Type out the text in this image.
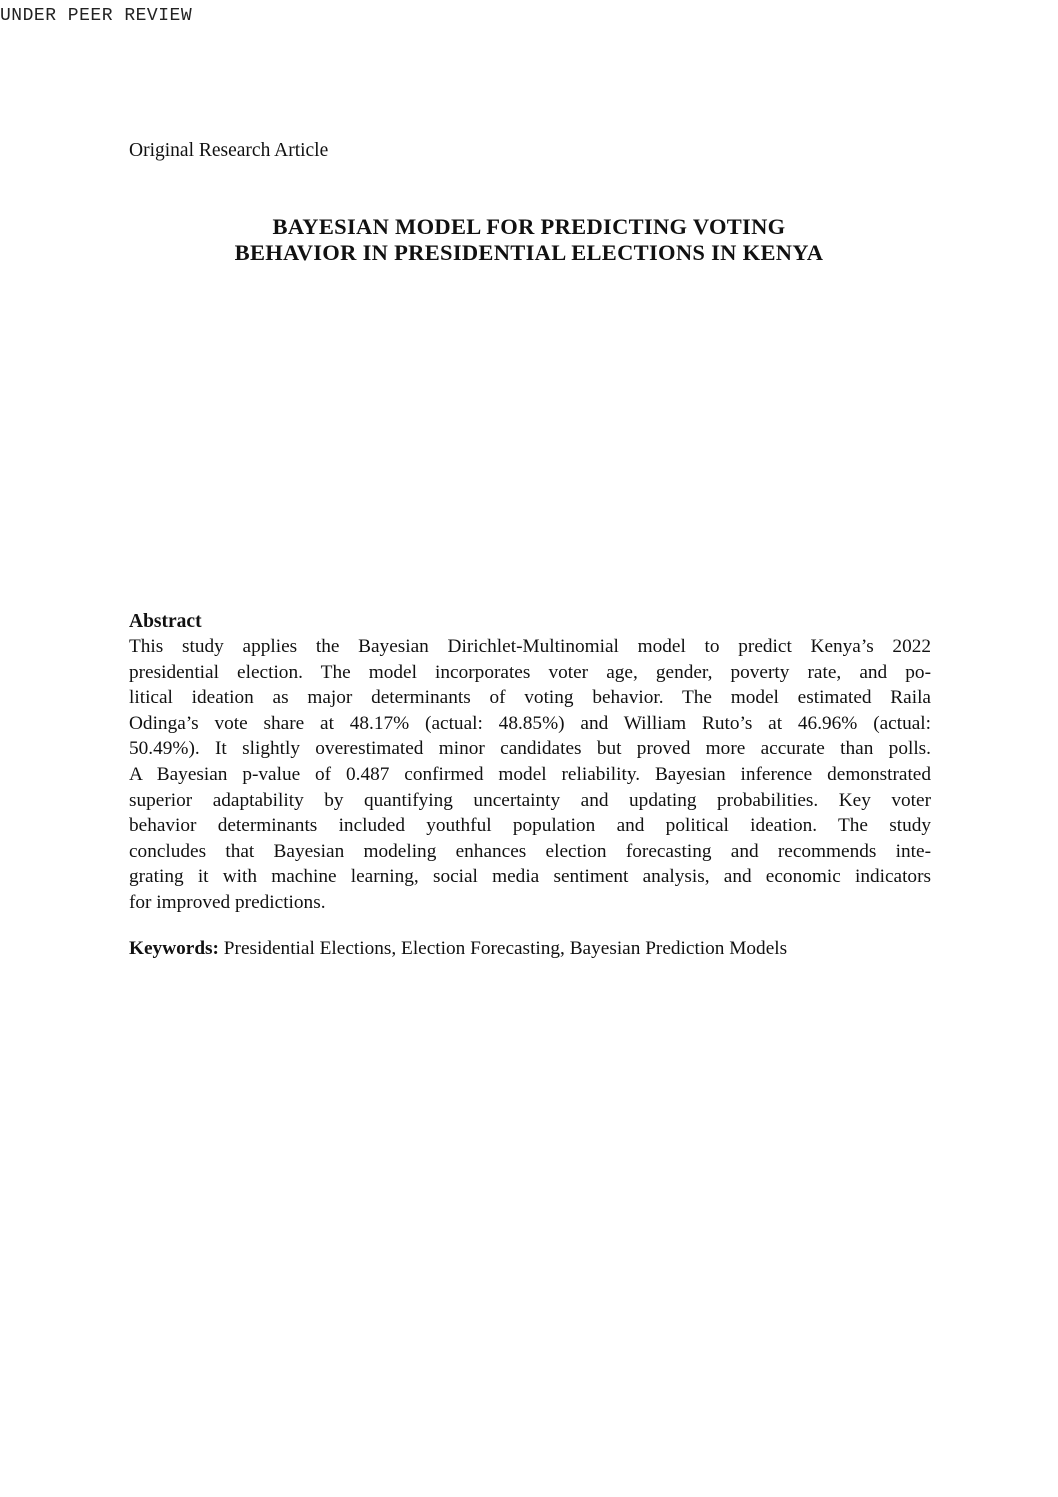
UNDER PEER REVIEW
Original Research Article
BAYESIAN MODEL FOR PREDICTING VOTING
BEHAVIOR IN PRESIDENTIAL ELECTIONS IN KENYA
Abstract
This study applies the Bayesian Dirichlet-Multinomial model to predict Kenya’s 2022
presidential election. The model incorporates voter age, gender, poverty rate, and po-
litical ideation as major determinants of voting behavior. The model estimated Raila
Odinga’s vote share at 48.17% (actual: 48.85%) and William Ruto’s at 46.96% (actual:
50.49%). It slightly overestimated minor candidates but proved more accurate than polls.
A Bayesian p-value of 0.487 confirmed model reliability. Bayesian inference demonstrated
superior adaptability by quantifying uncertainty and updating probabilities. Key voter
behavior determinants included youthful population and political ideation. The study
concludes that Bayesian modeling enhances election forecasting and recommends inte-
grating it with machine learning, social media sentiment analysis, and economic indicators
for improved predictions.
Keywords: Presidential Elections, Election Forecasting, Bayesian Prediction Models
